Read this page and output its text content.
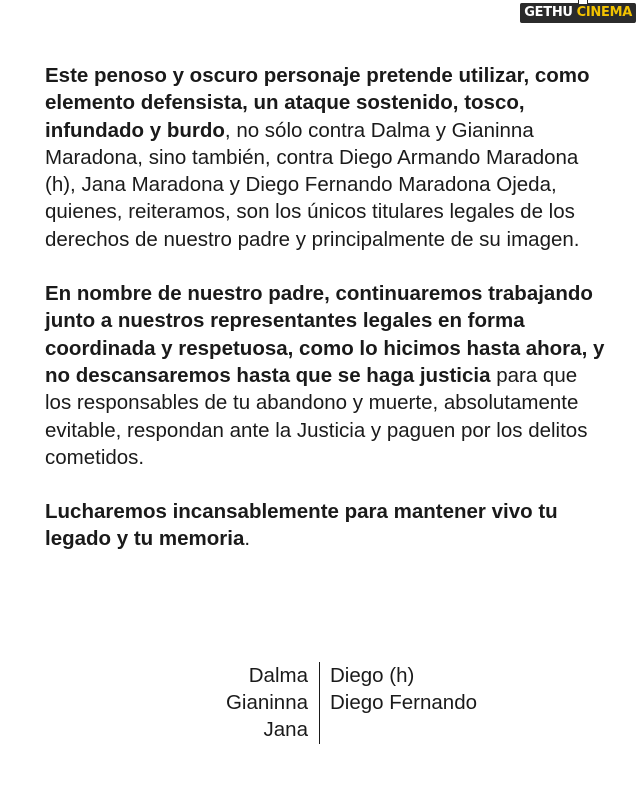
GETHU CINEMA

Este penoso y oscuro personaje pretende utilizar, como elemento defensista, un ataque sostenido, tosco, infundado y burdo, no sólo contra Dalma y Gianinna Maradona, sino también, contra Diego Armando Maradona (h), Jana Maradona y Diego Fernando Maradona Ojeda, quienes, reiteramos, son los únicos titulares legales de los derechos de nuestro padre y principalmente de su imagen.

En nombre de nuestro padre, continuaremos trabajando junto a nuestros representantes legales en forma coordinada y respetuosa, como lo hicimos hasta ahora, y no descansaremos hasta que se haga justicia para que los responsables de tu abandono y muerte, absolutamente evitable, respondan ante la Justicia y paguen por los delitos cometidos.

Lucharemos incansablemente para mantener vivo tu legado y tu memoria.

Dalma
Gianinna
Jana
Diego (h)
Diego Fernando
